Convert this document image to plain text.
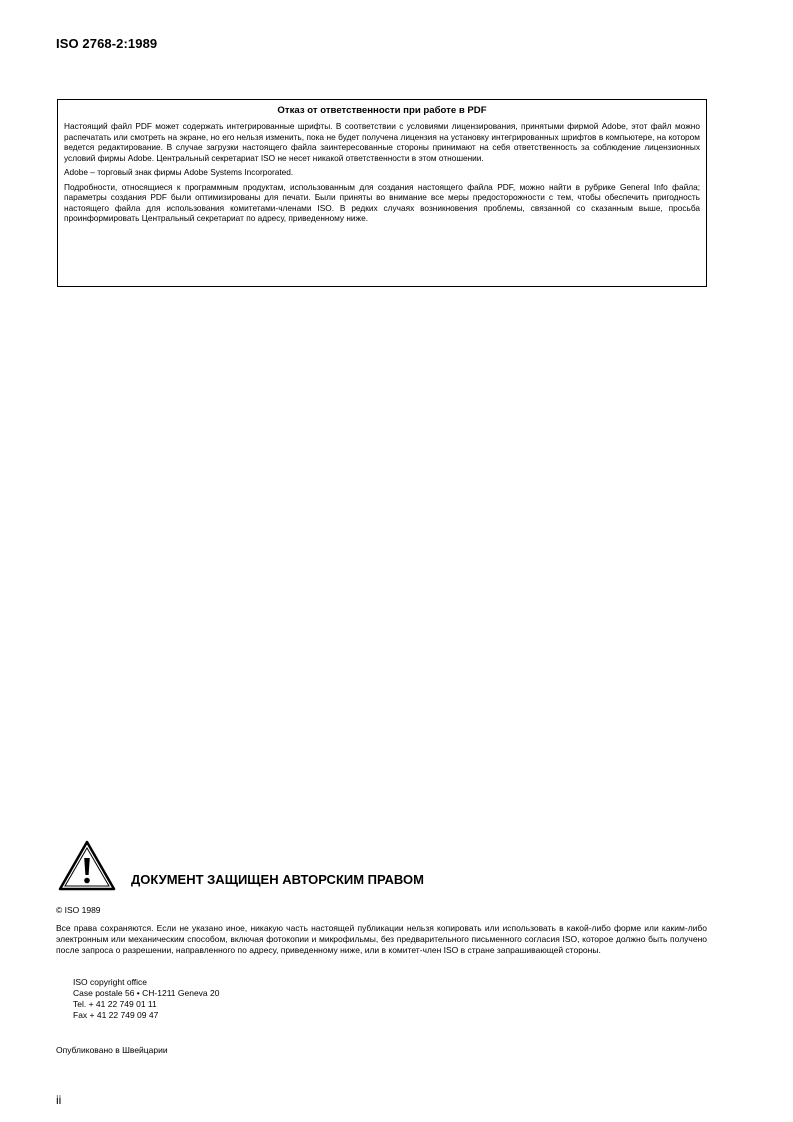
ISO 2768-2:1989
Отказ от ответственности при работе в PDF

Настоящий файл PDF может содержать интегрированные шрифты. В соответствии с условиями лицензирования, принятыми фирмой Adobe, этот файл можно распечатать или смотреть на экране, но его нельзя изменить, пока не будет получена лицензия на установку интегрированных шрифтов в компьютере, на котором ведется редактирование. В случае загрузки настоящего файла заинтересованные стороны принимают на себя ответственность за соблюдение лицензионных условий фирмы Adobe. Центральный секретариат ISO не несет никакой ответственности в этом отношении.

Adobe – торговый знак фирмы Adobe Systems Incorporated.

Подробности, относящиеся к программным продуктам, использованным для создания настоящего файла PDF, можно найти в рубрике General Info файла; параметры создания PDF были оптимизированы для печати. Были приняты во внимание все меры предосторожности с тем, чтобы обеспечить пригодность настоящего файла для использования комитетами-членами ISO. В редких случаях возникновения проблемы, связанной со сказанным выше, просьба проинформировать Центральный секретариат по адресу, приведенному ниже.

ДОКУМЕНТ ЗАЩИЩЕН АВТОРСКИМ ПРАВОМ
© ISO 1989

Все права сохраняются. Если не указано иное, никакую часть настоящей публикации нельзя копировать или использовать в какой-либо форме или каким-либо электронным или механическим способом, включая фотокопии и микрофильмы, без предварительного письменного согласия ISO, которое должно быть получено после запроса о разрешении, направленного по адресу, приведенному ниже, или в комитет-член ISO в стране запрашивающей стороны.

ISO copyright office
Case postale 56 • CH-1211 Geneva 20
Tel. + 41 22 749 01 11
Fax + 41 22 749 09 47
Опубликовано в Швейцарии
ii
